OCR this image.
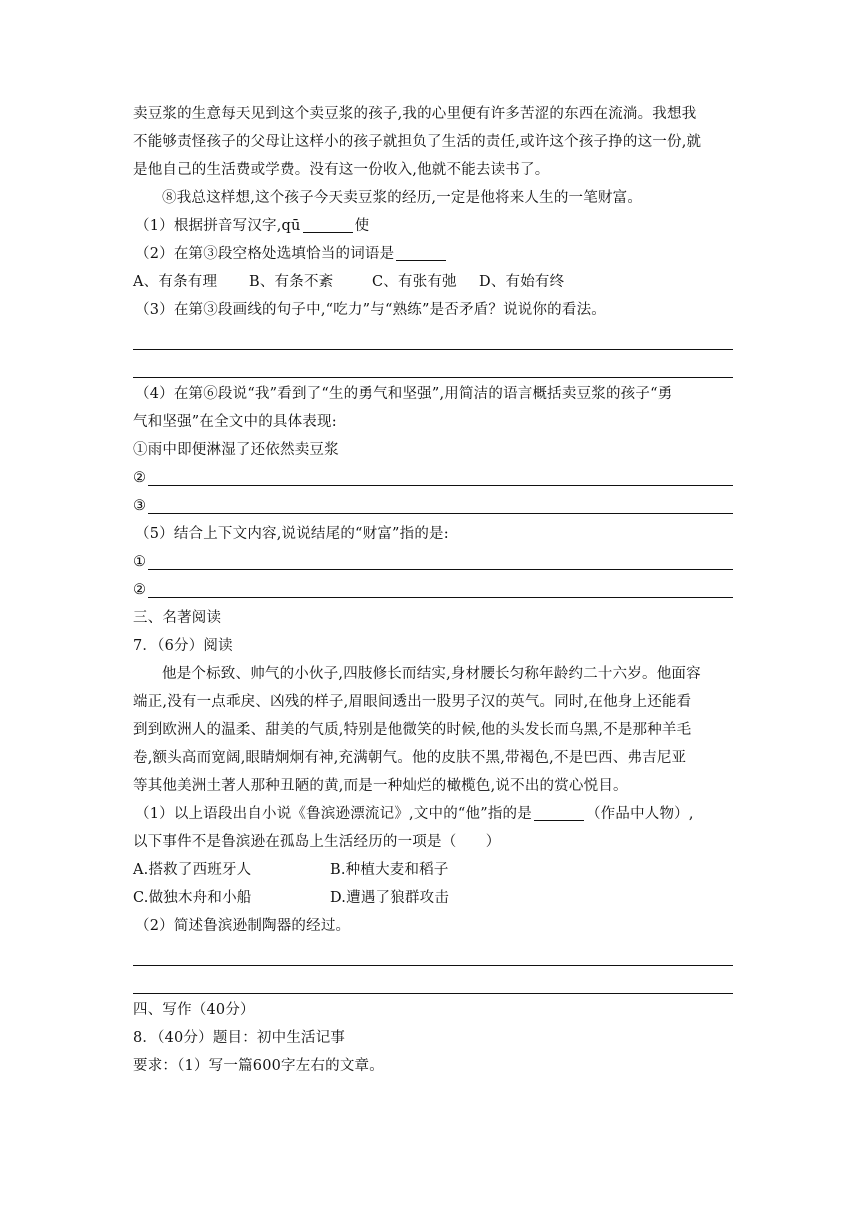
卖豆浆的生意每天见到这个卖豆浆的孩子,我的心里便有许多苦涩的东西在流淌。我想我
不能够责怪孩子的父母让这样小的孩子就担负了生活的责任,或许这个孩子挣的这一份,就
是他自己的生活费或学费。没有这一份收入,他就不能去读书了。
⑧我总这样想,这个孩子今天卖豆浆的经历,一定是他将来人生的一笔财富。
（1）根据拼音写汉字,qū	使
（2）在第③段空格处选填恰当的词语是
A、有条有理 B、有条不紊	C、有张有弛 D、有始有终
（3）在第③段画线的句子中,“吃力”与“熟练”是否矛盾？说说你的看法。
（4）在第⑥段说“我”看到了“生的勇气和坚强”,用简洁的语言概括卖豆浆的孩子“勇
气和坚强”在全文中的具体表现:
①雨中即便淋湿了还依然卖豆浆
②
③
（5）结合上下文内容,说说结尾的“财富”指的是:
①
②
三、名著阅读
7．（6分）阅读
他是个标致、帅气的小伙子,四肢修长而结实,身材腰长匀称年龄约二十六岁。他面容
端正,没有一点乖戾、凶残的样子,眉眼间透出一股男子汉的英气。同时,在他身上还能看
到到欧洲人的温柔、甜美的气质,特别是他微笑的时候,他的头发长而乌黑,不是那种羊毛
卷,额头高而宽阔,眼睛炯炯有神,充满朝气。他的皮肤不黑,带褐色,不是巴西、弗吉尼亚
等其他美洲土著人那种丑陋的黄,而是一种灿烂的橄榄色,说不出的赏心悦目。
（1）以上语段出自小说《鲁滨逊漂流记》,文中的“他”指的是	（作品中人物）,
以下事件不是鲁滨逊在孤岛上生活经历的一项是（　　）
A.搭救了西班牙人	B.种植大麦和稻子
C.做独木舟和小船	D.遭遇了狼群攻击
（2）简述鲁滨逊制陶器的经过。
四、写作（40分）
8．（40分）题目：初中生活记事
要求：（1）写一篇600字左右的文章。
